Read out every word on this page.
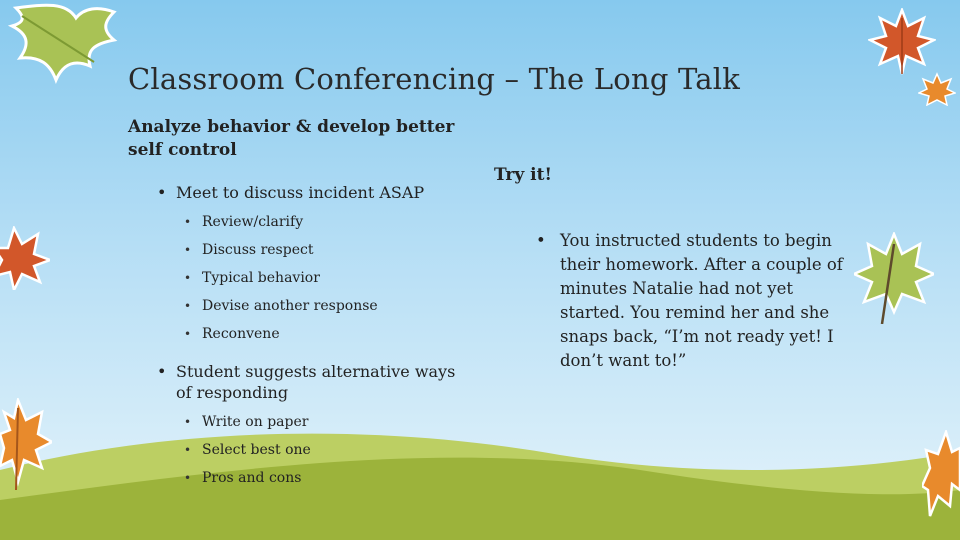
Classroom Conferencing – The Long Talk

Analyze behavior & develop better self control

• Meet to discuss incident ASAP
• Review/clarify
• Discuss respect
• Typical behavior
• Devise another response
• Reconvene
• Student suggests alternative ways of responding
• Write on paper
• Select best one
• Pros and cons

Try it!

• You instructed students to begin their homework. After a couple of minutes Natalie had not yet started. You remind her and she snaps back, “I’m not ready yet! I don’t want to!”
